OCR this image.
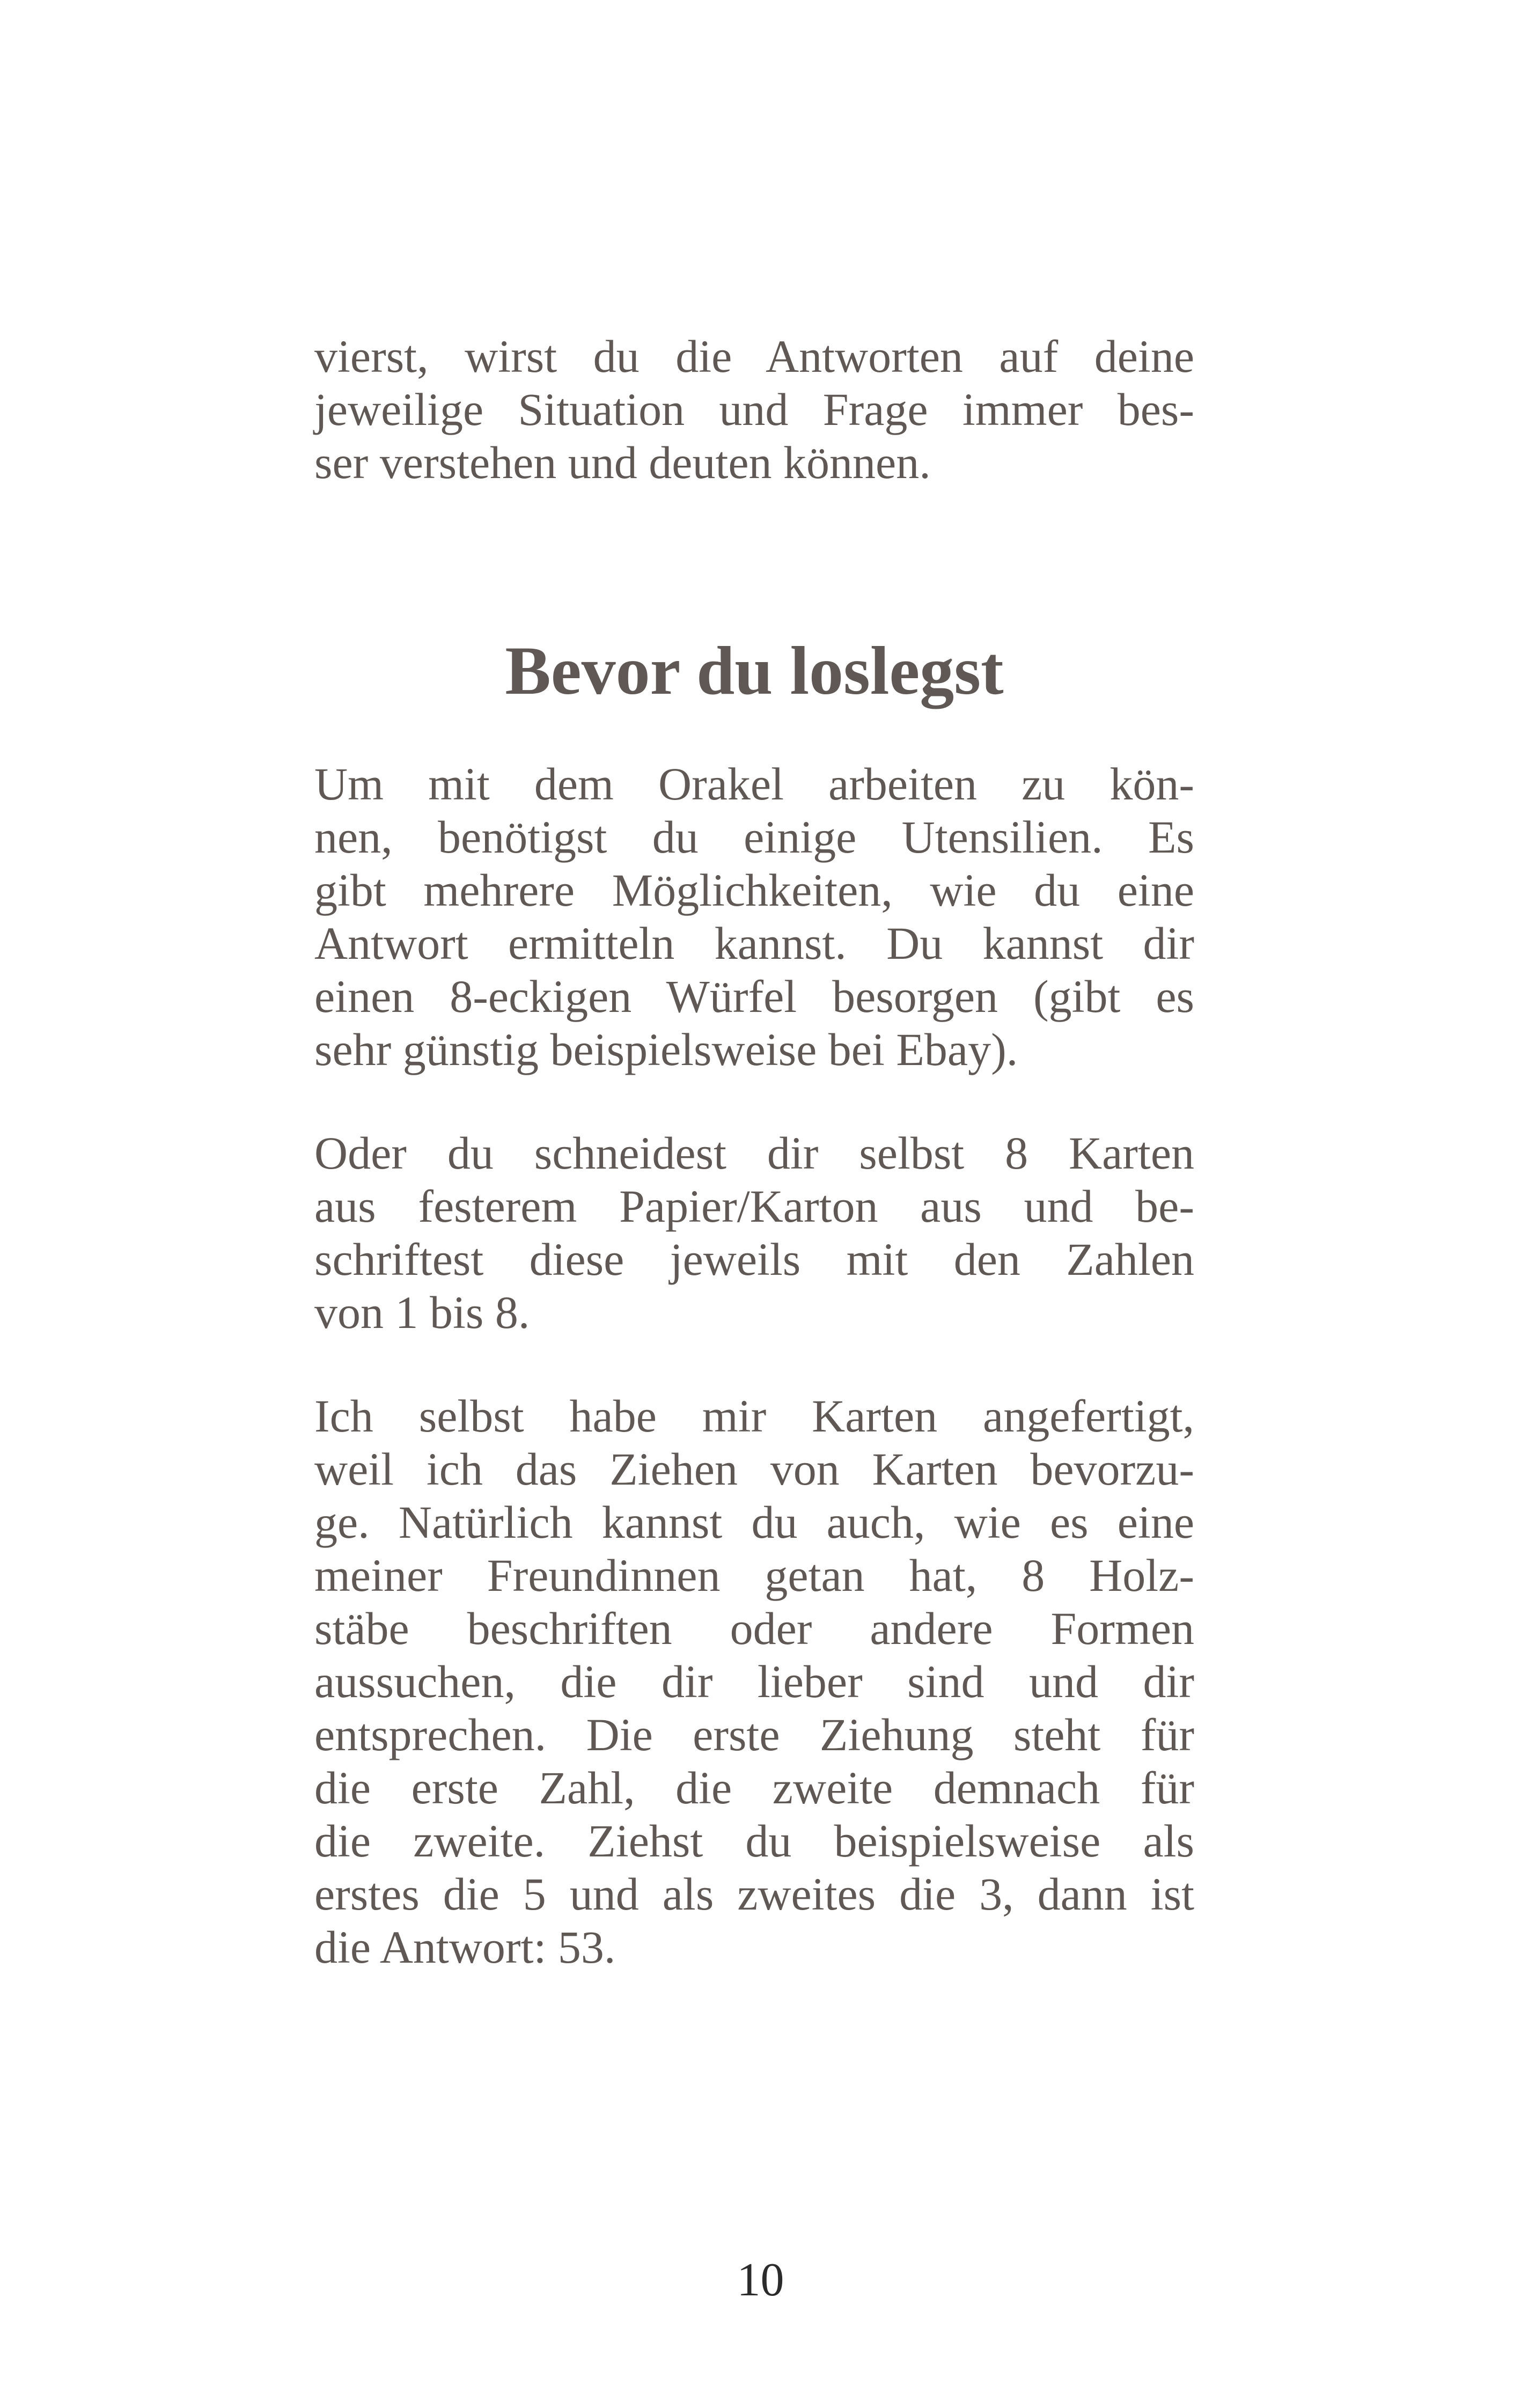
vierst, wirst du die Antworten auf deine
jeweilige Situation und Frage immer bes-
ser verstehen und deuten können.
Bevor du loslegst
Um mit dem Orakel arbeiten zu kön-
nen, benötigst du einige Utensilien. Es
gibt mehrere Möglichkeiten, wie du eine
Antwort ermitteln kannst. Du kannst dir
einen 8-eckigen Würfel besorgen (gibt es
sehr günstig beispielsweise bei Ebay).
Oder du schneidest dir selbst 8 Karten
aus festerem Papier/Karton aus und be-
schriftest diese jeweils mit den Zahlen
von 1 bis 8.
Ich selbst habe mir Karten angefertigt,
weil ich das Ziehen von Karten bevorzu-
ge. Natürlich kannst du auch, wie es eine
meiner Freundinnen getan hat, 8 Holz-
stäbe beschriften oder andere Formen
aussuchen, die dir lieber sind und dir
entsprechen. Die erste Ziehung steht für
die erste Zahl, die zweite demnach für
die zweite. Ziehst du beispielsweise als
erstes die 5 und als zweites die 3, dann ist
die Antwort: 53.
10
